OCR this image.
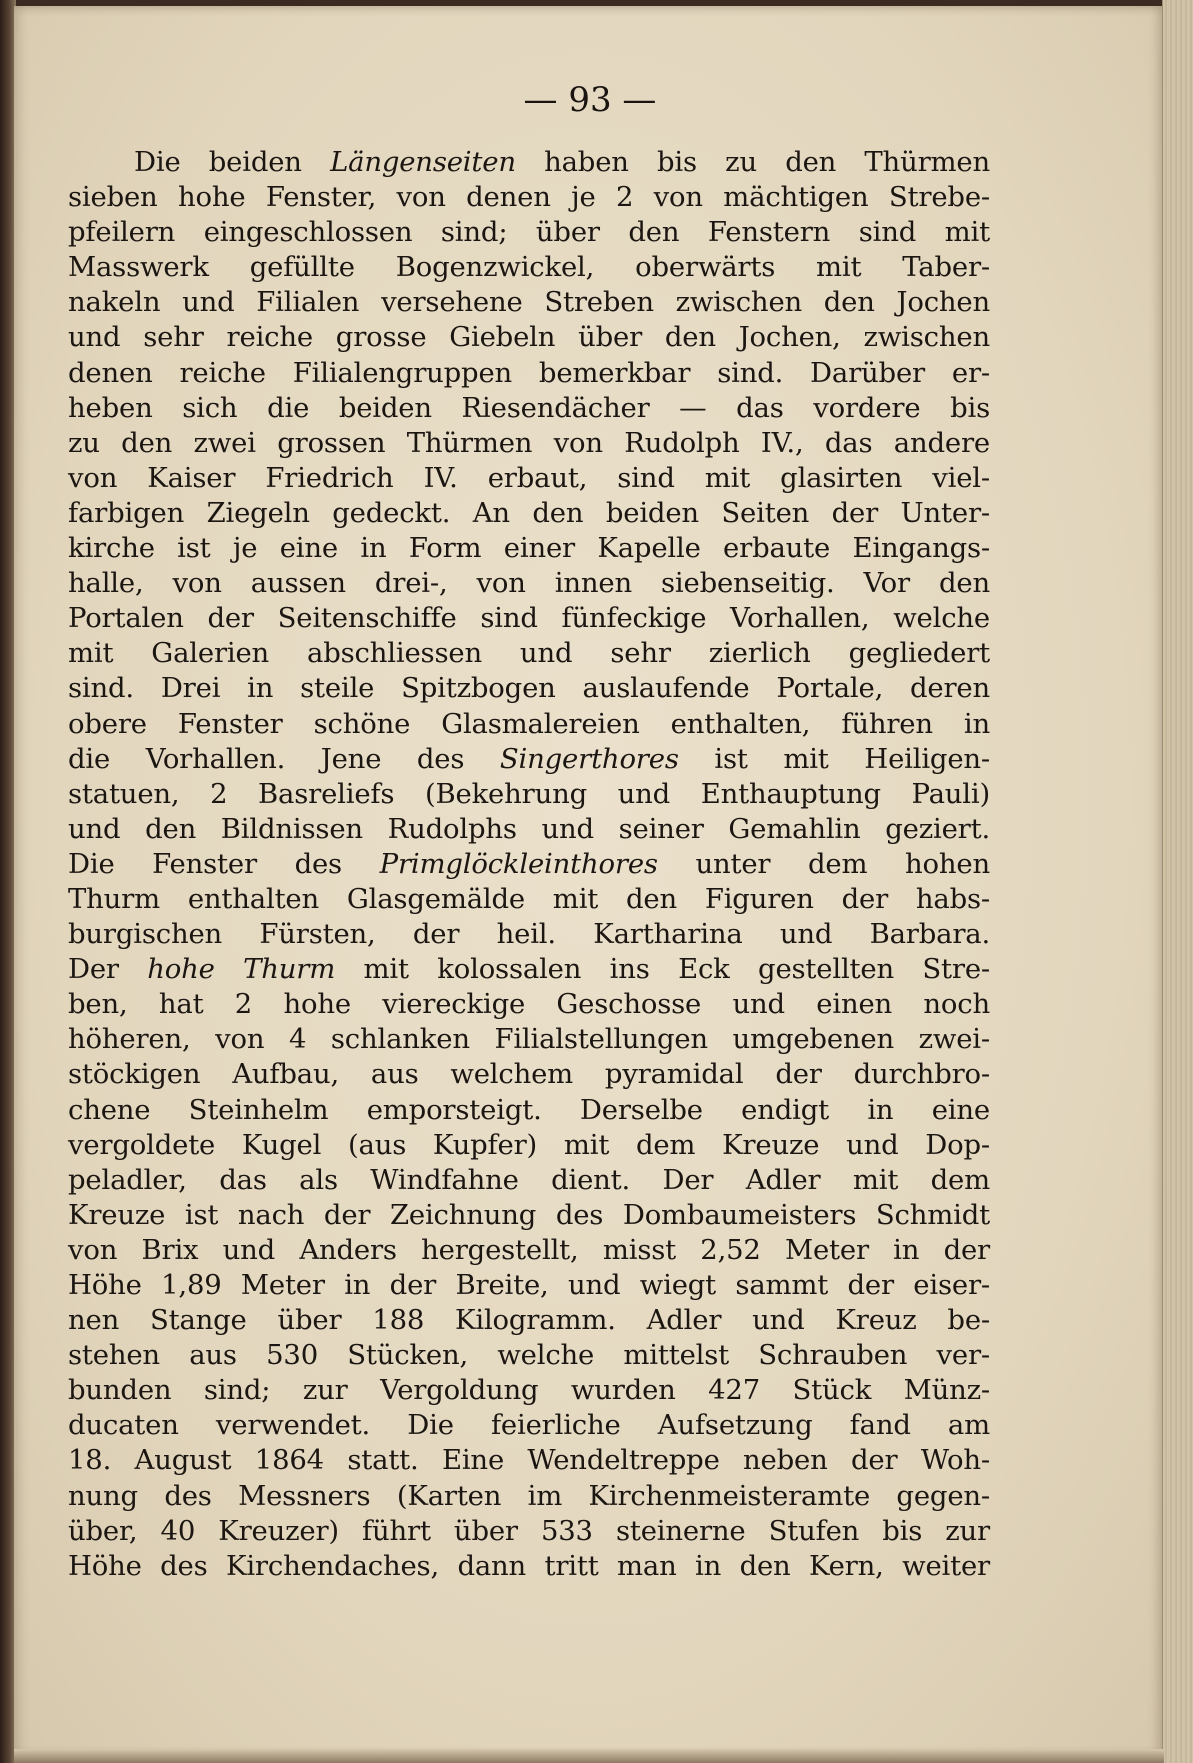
— 93 —
Die beiden Längenseiten haben bis zu den Thürmen
sieben hohe Fenster, von denen je 2 von mächtigen Strebe-
pfeilern eingeschlossen sind; über den Fenstern sind mit
Masswerk gefüllte Bogenzwickel, oberwärts mit Taber-
nakeln und Filialen versehene Streben zwischen den Jochen
und sehr reiche grosse Giebeln über den Jochen, zwischen
denen reiche Filialengruppen bemerkbar sind. Darüber er-
heben sich die beiden Riesendächer — das vordere bis
zu den zwei grossen Thürmen von Rudolph IV., das andere
von Kaiser Friedrich IV. erbaut, sind mit glasirten viel-
farbigen Ziegeln gedeckt. An den beiden Seiten der Unter-
kirche ist je eine in Form einer Kapelle erbaute Eingangs-
halle, von aussen drei-, von innen siebenseitig. Vor den
Portalen der Seitenschiffe sind fünfeckige Vorhallen, welche
mit Galerien abschliessen und sehr zierlich gegliedert
sind. Drei in steile Spitzbogen auslaufende Portale, deren
obere Fenster schöne Glasmalereien enthalten, führen in
die Vorhallen. Jene des Singerthores ist mit Heiligen-
statuen, 2 Basreliefs (Bekehrung und Enthauptung Pauli)
und den Bildnissen Rudolphs und seiner Gemahlin geziert.
Die Fenster des Primglöckleinthores unter dem hohen
Thurm enthalten Glasgemälde mit den Figuren der habs-
burgischen Fürsten, der heil. Kartharina und Barbara.
Der hohe Thurm mit kolossalen ins Eck gestellten Stre-
ben, hat 2 hohe viereckige Geschosse und einen noch
höheren, von 4 schlanken Filialstellungen umgebenen zwei-
stöckigen Aufbau, aus welchem pyramidal der durchbro-
chene Steinhelm emporsteigt. Derselbe endigt in eine
vergoldete Kugel (aus Kupfer) mit dem Kreuze und Dop-
peladler, das als Windfahne dient. Der Adler mit dem
Kreuze ist nach der Zeichnung des Dombaumeisters Schmidt
von Brix und Anders hergestellt, misst 2,52 Meter in der
Höhe 1,89 Meter in der Breite, und wiegt sammt der eiser-
nen Stange über 188 Kilogramm. Adler und Kreuz be-
stehen aus 530 Stücken, welche mittelst Schrauben ver-
bunden sind; zur Vergoldung wurden 427 Stück Münz-
ducaten verwendet. Die feierliche Aufsetzung fand am
18. August 1864 statt. Eine Wendeltreppe neben der Woh-
nung des Messners (Karten im Kirchenmeisteramte gegen-
über, 40 Kreuzer) führt über 533 steinerne Stufen bis zur
Höhe des Kirchendaches, dann tritt man in den Kern, weiter
